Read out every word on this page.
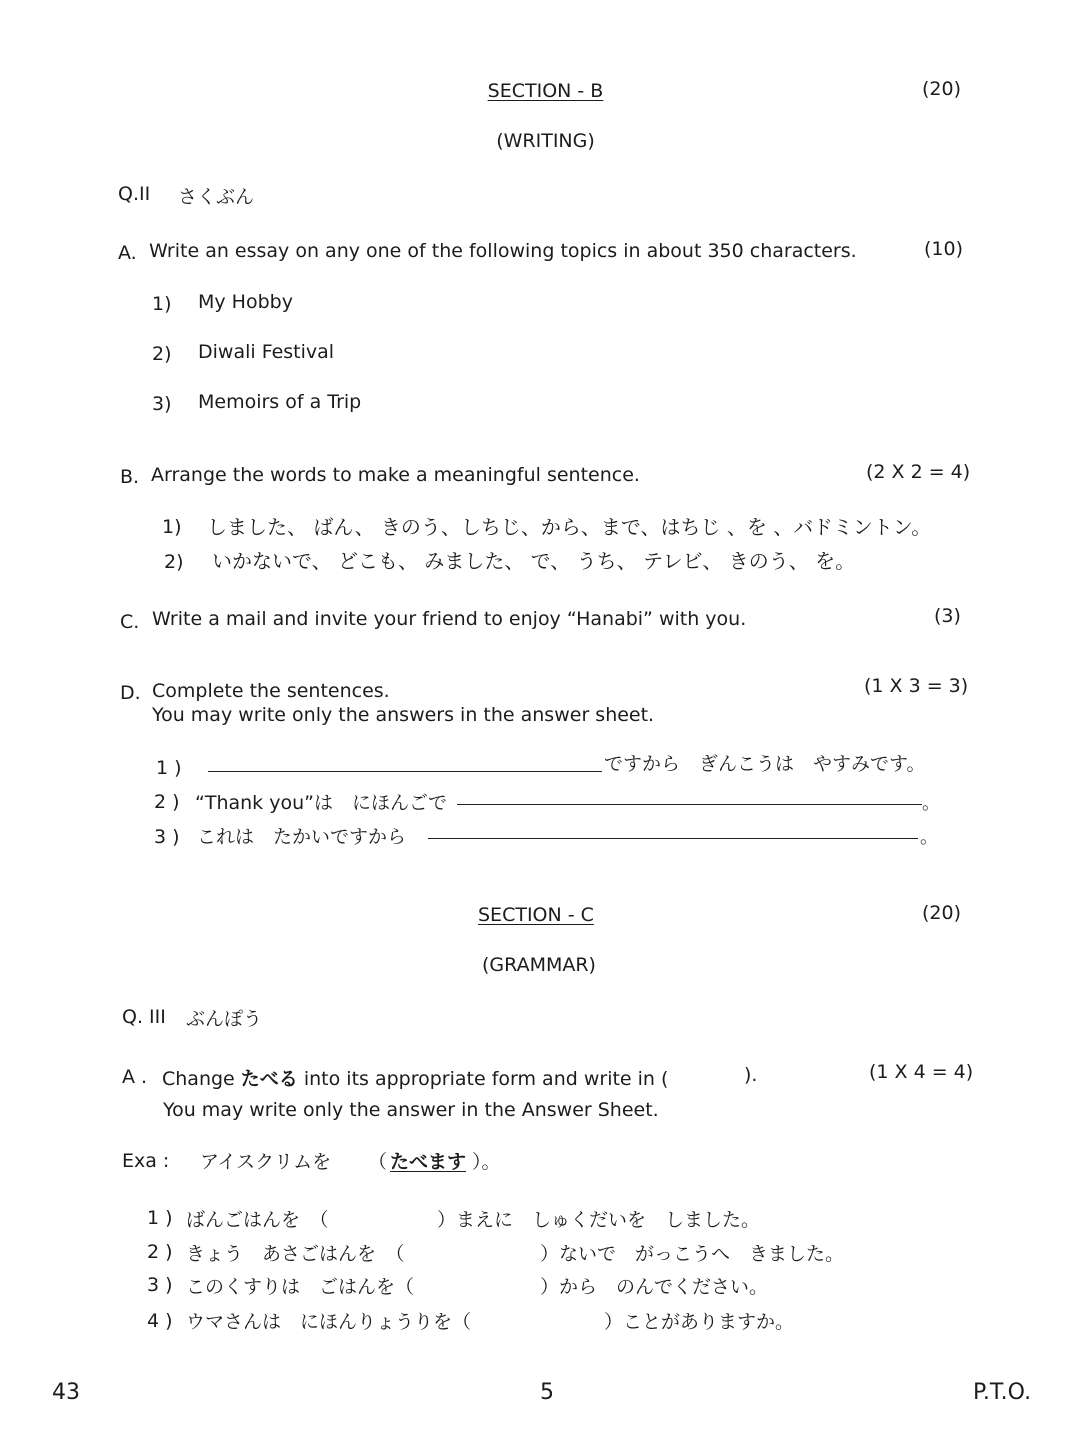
SECTION - B	(20)
(WRITING)
Q.II さくぶん
A. Write an essay on any one of the following topics in about 350 characters.	(10)
1) My Hobby
2) Diwali Festival
3) Memoirs of a Trip
B. Arrange the words to make a meaningful sentence.	(2 X 2 = 4)
1) しました、 ばん、 きのう、しちじ、から、まで、はちじ 、を 、バドミントン。
2) いかないで、 どこも、 みました、 で、 うち、 テレビ、 きのう、 を。
C. Write a mail and invite your friend to enjoy “Hanabi” with you.	(3)
D. Complete the sentences.
You may write only the answers in the answer sheet.
(1 X 3 = 3)
1 )	ですから　ぎんこうは　やすみです。
2 ) “Thank you”は　にほんごで	。
3 ) これは　たかいですから	。
SECTION - C	(20)
(GRAMMAR)
Q. III ぶんぽう
A . Change たべる into its appropriate form and write in (	).	(1 X 4 = 4)
You may write only the answer in the Answer Sheet.
Exa : アイスクリムを （ たべます ）。
1 ) ばんごはんを　（	）まえに　しゅくだいを　しました。
2 ) きょう　あさごはんを　（	）ないで　がっこうへ　きました。
3 ) このくすりは　ごはんを（	）から　のんでください。
4 ) ウマさんは　にほんりょうりを（	）ことがありますか。
43	5	P.T.O.
